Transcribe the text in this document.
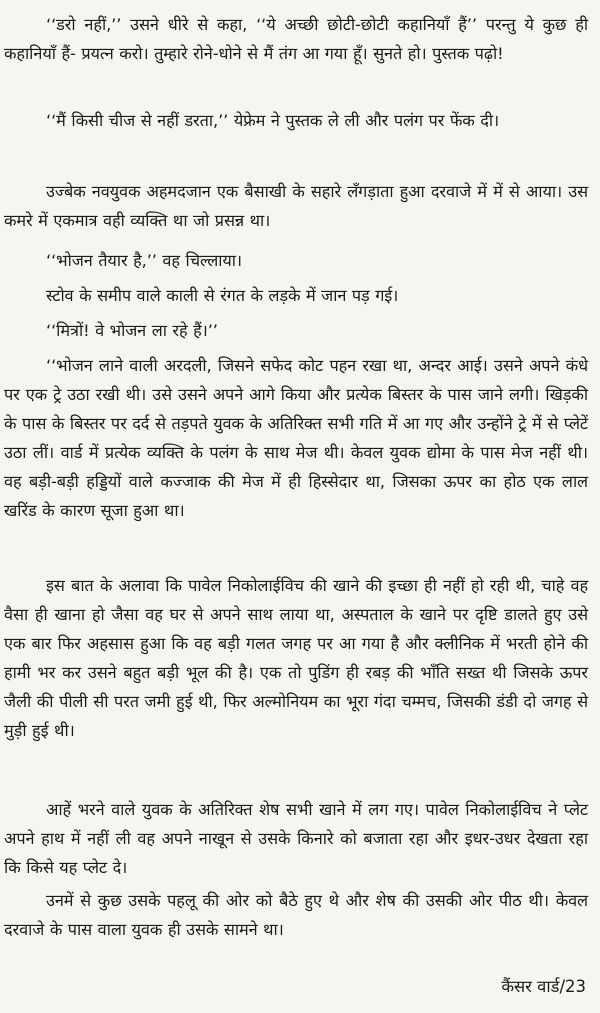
‘‘डरो नहीं,’’ उसने धीरे से कहा, ‘‘ये अच्छी छोटी-छोटी कहानियाँ हैं’’ परन्तु ये कुछ ही कहानियाँ हैं- प्रयत्न करो। तुम्हारे रोने-धोने से मैं तंग आ गया हूँ। सुनते हो। पुस्तक पढ़ो!

‘‘मैं किसी चीज से नहीं डरता,’’ येफ्रेम ने पुस्तक ले ली और पलंग पर फेंक दी।

उज्बेक नवयुवक अहमदजान एक बैसाखी के सहारे लँगड़ाता हुआ दरवाजे में में से आया। उस कमरे में एकमात्र वही व्यक्ति था जो प्रसन्न था।

‘‘भोजन तैयार है,’’ वह चिल्लाया।

स्टोव के समीप वाले काली से रंगत के लड़के में जान पड़ गई।

‘‘मित्रों! वे भोजन ला रहे हैं।’’

‘‘भोजन लाने वाली अरदली, जिसने सफेद कोट पहन रखा था, अन्दर आई। उसने अपने कंधे पर एक ट्रे उठा रखी थी। उसे उसने अपने आगे किया और प्रत्येक बिस्तर के पास जाने लगी। खिड़की के पास के बिस्तर पर दर्द से तड़पते युवक के अतिरिक्त सभी गति में आ गए और उन्होंने ट्रे में से प्लेटें उठा लीं। वार्ड में प्रत्येक व्यक्ति के पलंग के साथ मेज थी। केवल युवक द्योमा के पास मेज नहीं थी। वह बड़ी-बड़ी हड्डियों वाले कज्जाक की मेज में ही हिस्सेदार था, जिसका ऊपर का होठ एक लाल खरिंड के कारण सूजा हुआ था।

इस बात के अलावा कि पावेल निकोलाईविच की खाने की इच्छा ही नहीं हो रही थी, चाहे वह वैसा ही खाना हो जैसा वह घर से अपने साथ लाया था, अस्पताल के खाने पर दृष्टि डालते हुए उसे एक बार फिर अहसास हुआ कि वह बड़ी गलत जगह पर आ गया है और क्लीनिक में भरती होने की हामी भर कर उसने बहुत बड़ी भूल की है। एक तो पुडिंग ही रबड़ की भाँति सख्त थी जिसके ऊपर जैली की पीली सी परत जमी हुई थी, फिर अल्मोनियम का भूरा गंदा चम्मच, जिसकी डंडी दो जगह से मुड़ी हुई थी।

आहें भरने वाले युवक के अतिरिक्त शेष सभी खाने में लग गए। पावेल निकोलाईविच ने प्लेट अपने हाथ में नहीं ली वह अपने नाखून से उसके किनारे को बजाता रहा और इधर-उधर देखता रहा कि किसे यह प्लेट दे।

उनमें से कुछ उसके पहलू की ओर को बैठे हुए थे और शेष की उसकी ओर पीठ थी। केवल दरवाजे के पास वाला युवक ही उसके सामने था।

कैंसर वार्ड/23
